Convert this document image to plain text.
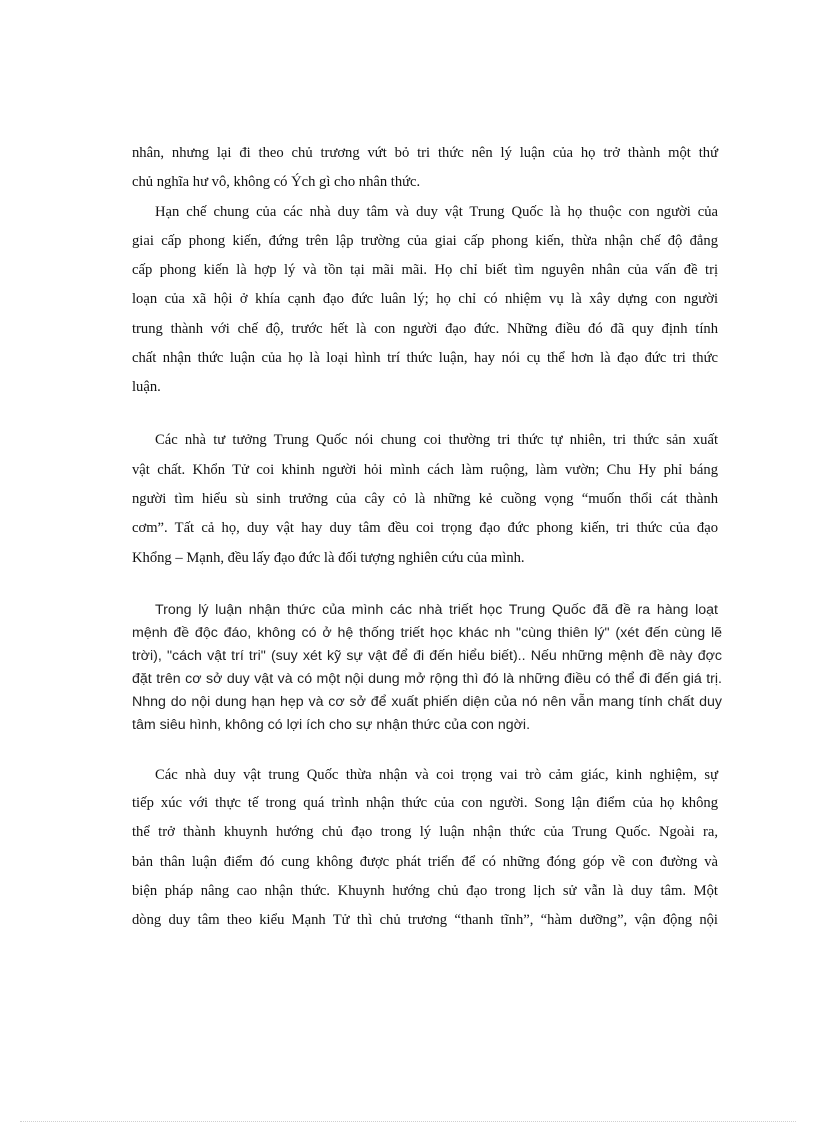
nhân, nhưng lại đi theo chủ trương vứt bỏ tri thức nên lý luận của họ trở thành một thứ
chủ nghĩa hư vô, không có Ých gì cho nhân thức.
Hạn chế chung của các nhà duy tâm và duy vật Trung Quốc là họ thuộc con người của
giai cấp phong kiến, đứng trên lập trường của giai cấp phong kiến, thừa nhận chế độ đẳng
cấp phong kiến là hợp lý và tồn tại mãi mãi. Họ chỉ biết tìm nguyên nhân của vấn đề trị
loạn của xã hội ở khía cạnh đạo đức luân lý; họ chỉ có nhiệm vụ là xây dựng con người
trung thành với chế độ, trước hết là con người đạo đức. Những điều đó đã quy định tính
chất nhận thức luận của họ là loại hình trí thức luận, hay nói cụ thể hơn là đạo đức tri thức
luận.
Các nhà tư tưởng Trung Quốc nói chung coi thường tri thức tự nhiên, tri thức sản xuất
vật chất. Khổn Tử coi khinh người hỏi mình cách làm ruộng, làm vườn; Chu Hy phỉ báng
người tìm hiểu sù sinh trưởng của cây cỏ là những kẻ cuồng vọng “muốn thổi cát thành
cơm”. Tất cả họ, duy vật hay duy tâm đều coi trọng đạo đức phong kiến, tri thức của đạo
Khổng – Mạnh, đều lấy đạo đức là đối tượng nghiên cứu của mình.
Trong lý luận nhận thức của mình các nhà triết học Trung Quốc đã đề ra hàng loạt
mệnh đề độc đáo, không có ở hệ thống triết học khác nh "cùng thiên lý" (xét đến cùng lẽ
trời), "cách vật trí tri" (suy xét kỹ sự vật để đi đến hiểu biết).. Nếu những mệnh đề này đợc
đặt trên cơ sở duy vật và có một nội dung mở rộng thì đó là những điều có thể đi đến giá trị.
Nhng do nội dung hạn hẹp và cơ sở để xuất phiến diện của nó nên vẫn mang tính chất duy
tâm siêu hình, không có lợi ích cho sự nhận thức của con ngời.
Các nhà duy vật trung Quốc thừa nhận và coi trọng vai trò cảm giác, kinh nghiệm, sự
tiếp xúc với thực tế trong quá trình nhận thức của con người. Song lận điểm của họ không
thể trở thành khuynh hướng chủ đạo trong lý luận nhận thức của Trung Quốc. Ngoài ra,
bản thân luận điểm đó cung không được phát triển để có những đóng góp về con đường và
biện pháp nâng cao nhận thức. Khuynh hướng chủ đạo trong lịch sử vẫn là duy tâm. Một
dòng duy tâm theo kiểu Mạnh Tử thì chủ trương “thanh tĩnh”, “hàm dưỡng”, vận động nội
